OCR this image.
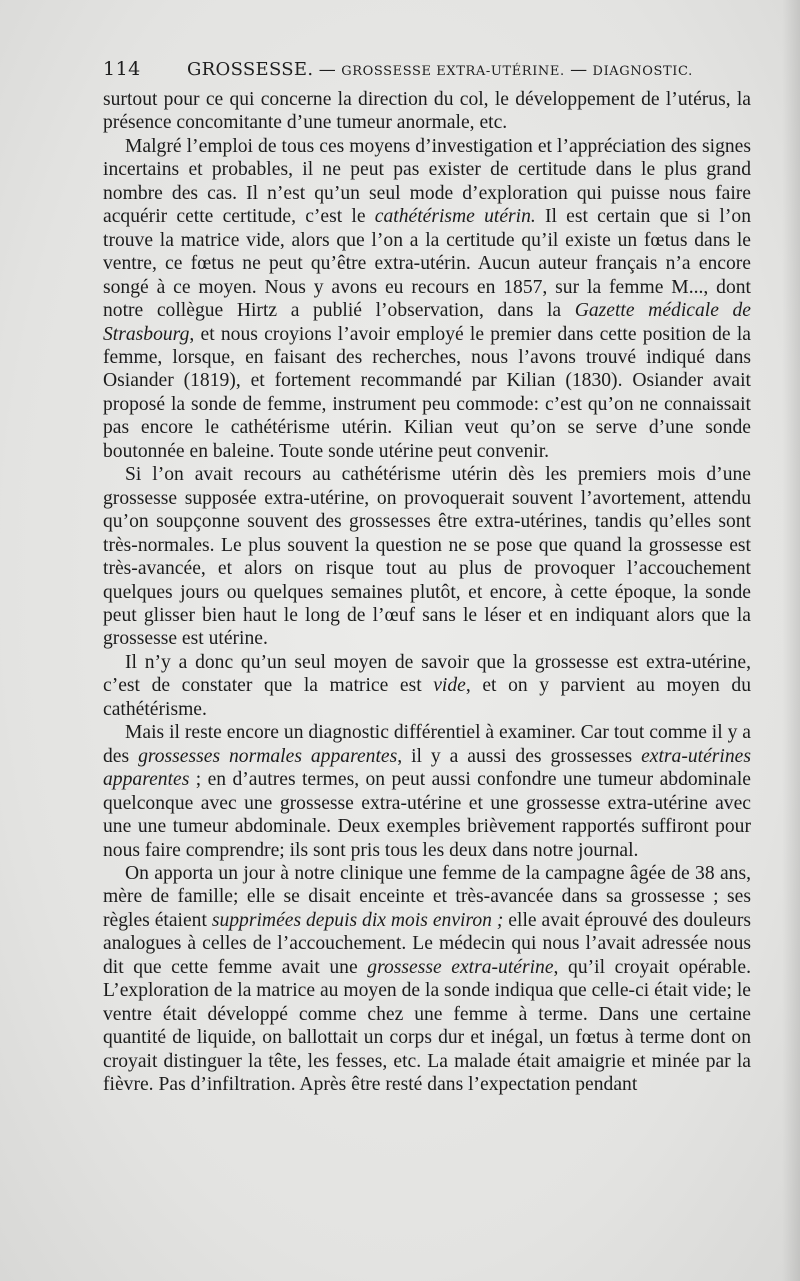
114	GROSSESSE. — GROSSESSE EXTRA-UTÉRINE. — DIAGNOSTIC.

surtout pour ce qui concerne la direction du col, le développement de l’utérus, la présence concomitante d’une tumeur anormale, etc.

Malgré l’emploi de tous ces moyens d’investigation et l’appréciation des signes incertains et probables, il ne peut pas exister de certitude dans le plus grand nombre des cas. Il n’est qu’un seul mode d’exploration qui puisse nous faire acquérir cette certitude, c’est le cathétérisme utérin. Il est certain que si l’on trouve la matrice vide, alors que l’on a la certitude qu’il existe un fœtus dans le ventre, ce fœtus ne peut qu’être extra-utérin. Aucun auteur français n’a encore songé à ce moyen. Nous y avons eu recours en 1857, sur la femme M..., dont notre collègue Hirtz a publié l’observation, dans la Gazette médicale de Strasbourg, et nous croyions l’avoir employé le premier dans cette position de la femme, lorsque, en faisant des recherches, nous l’avons trouvé indiqué dans Osiander (1819), et fortement recommandé par Kilian (1830). Osiander avait proposé la sonde de femme, instrument peu commode: c’est qu’on ne connaissait pas encore le cathétérisme utérin. Kilian veut qu’on se serve d’une sonde boutonnée en baleine. Toute sonde utérine peut convenir.

Si l’on avait recours au cathétérisme utérin dès les premiers mois d’une grossesse supposée extra-utérine, on provoquerait souvent l’avortement, attendu qu’on soupçonne souvent des grossesses être extra-utérines, tandis qu’elles sont très-normales. Le plus souvent la question ne se pose que quand la grossesse est très-avancée, et alors on risque tout au plus de provoquer l’accouchement quelques jours ou quelques semaines plutôt, et encore, à cette époque, la sonde peut glisser bien haut le long de l’œuf sans le léser et en indiquant alors que la grossesse est utérine.

Il n’y a donc qu’un seul moyen de savoir que la grossesse est extra-utérine, c’est de constater que la matrice est vide, et on y parvient au moyen du cathétérisme.

Mais il reste encore un diagnostic différentiel à examiner. Car tout comme il y a des grossesses normales apparentes, il y a aussi des grossesses extra-utérines apparentes ; en d’autres termes, on peut aussi confondre une tumeur abdominale quelconque avec une grossesse extra-utérine et une grossesse extra-utérine avec une une tumeur abdominale. Deux exemples brièvement rapportés suffiront pour nous faire comprendre; ils sont pris tous les deux dans notre journal.

On apporta un jour à notre clinique une femme de la campagne âgée de 38 ans, mère de famille; elle se disait enceinte et très-avancée dans sa grossesse ; ses règles étaient supprimées depuis dix mois environ ; elle avait éprouvé des douleurs analogues à celles de l’accouchement. Le médecin qui nous l’avait adressée nous dit que cette femme avait une grossesse extra-utérine, qu’il croyait opérable. L’exploration de la matrice au moyen de la sonde indiqua que celle-ci était vide; le ventre était développé comme chez une femme à terme. Dans une certaine quantité de liquide, on ballottait un corps dur et inégal, un fœtus à terme dont on croyait distinguer la tête, les fesses, etc. La malade était amaigrie et minée par la fièvre. Pas d’infiltration. Après être resté dans l’expectation pendant
